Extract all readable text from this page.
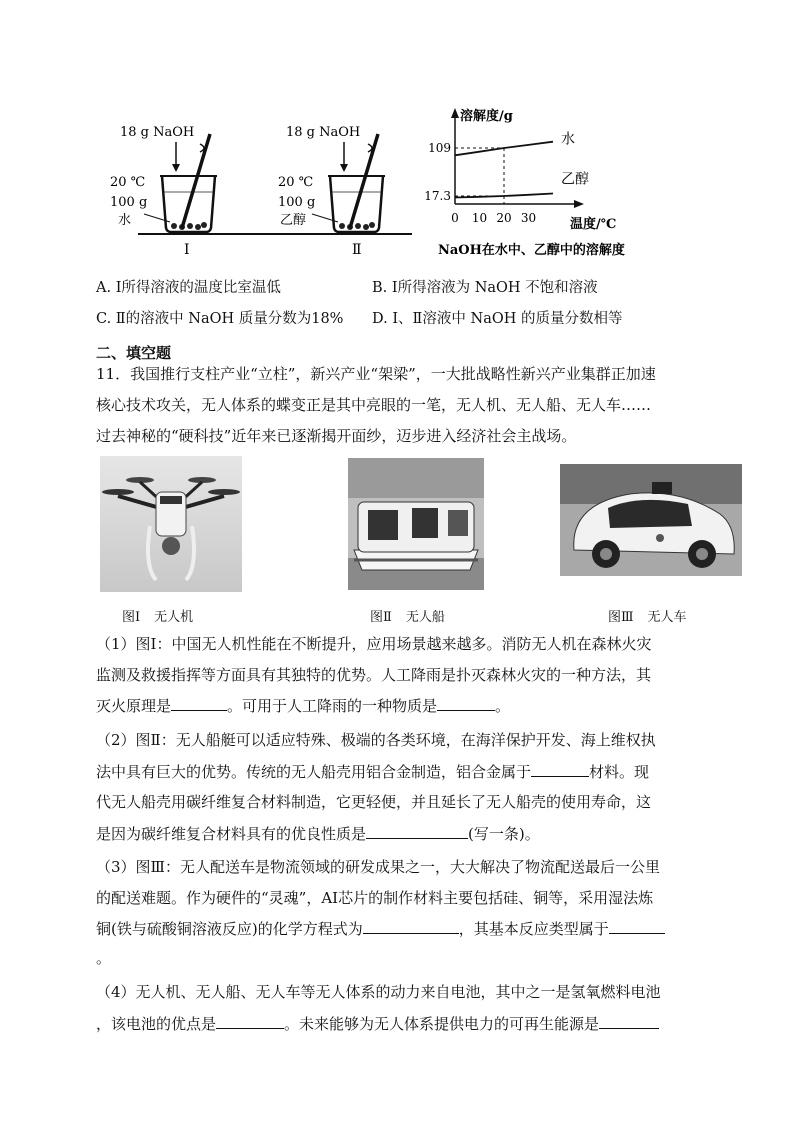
18 g NaOH
20 ℃
100 g
水
Ⅰ
18 g NaOH
20 ℃
100 g
乙醇
Ⅱ
溶解度/g
温度/℃
NaOH在水中、乙醇中的溶解度
水
乙醇
17.3
109
0 10 20 30
A. Ⅰ所得溶液的温度比室温低	B. Ⅰ所得溶液为 NaOH 不饱和溶液
C. Ⅱ的溶液中 NaOH 质量分数为18% D. Ⅰ、Ⅱ溶液中 NaOH 的质量分数相等
二、填空题
11．我国推行支柱产业“立柱”，新兴产业“架梁”，一大批战略性新兴产业集群正加速
核心技术攻关，无人体系的蝶变正是其中亮眼的一笔，无人机、无人船、无人车……
过去神秘的“硬科技”近年来已逐渐揭开面纱，迈步进入经济社会主战场。
图Ⅰ 无人机	图Ⅱ 无人船	图Ⅲ 无人车
（1）图Ⅰ：中国无人机性能在不断提升，应用场景越来越多。消防无人机在森林火灾
监测及救援指挥等方面具有其独特的优势。人工降雨是扑灭森林火灾的一种方法，其
灭火原理是	。可用于人工降雨的一种物质是	。
（2）图Ⅱ：无人船艇可以适应特殊、极端的各类环境，在海洋保护开发、海上维权执
法中具有巨大的优势。传统的无人船壳用铝合金制造，铝合金属于	材料。现
代无人船壳用碳纤维复合材料制造，它更轻便，并且延长了无人船壳的使用寿命，这
是因为碳纤维复合材料具有的优良性质是	(写一条)。
（3）图Ⅲ：无人配送车是物流领域的研发成果之一，大大解决了物流配送最后一公里
的配送难题。作为硬件的“灵魂”，AI芯片的制作材料主要包括硅、铜等，采用湿法炼
铜(铁与硫酸铜溶液反应)的化学方程式为	，其基本反应类型属于
。
（4）无人机、无人船、无人车等无人体系的动力来自电池，其中之一是氢氧燃料电池
，该电池的优点是	。未来能够为无人体系提供电力的可再生能源是
